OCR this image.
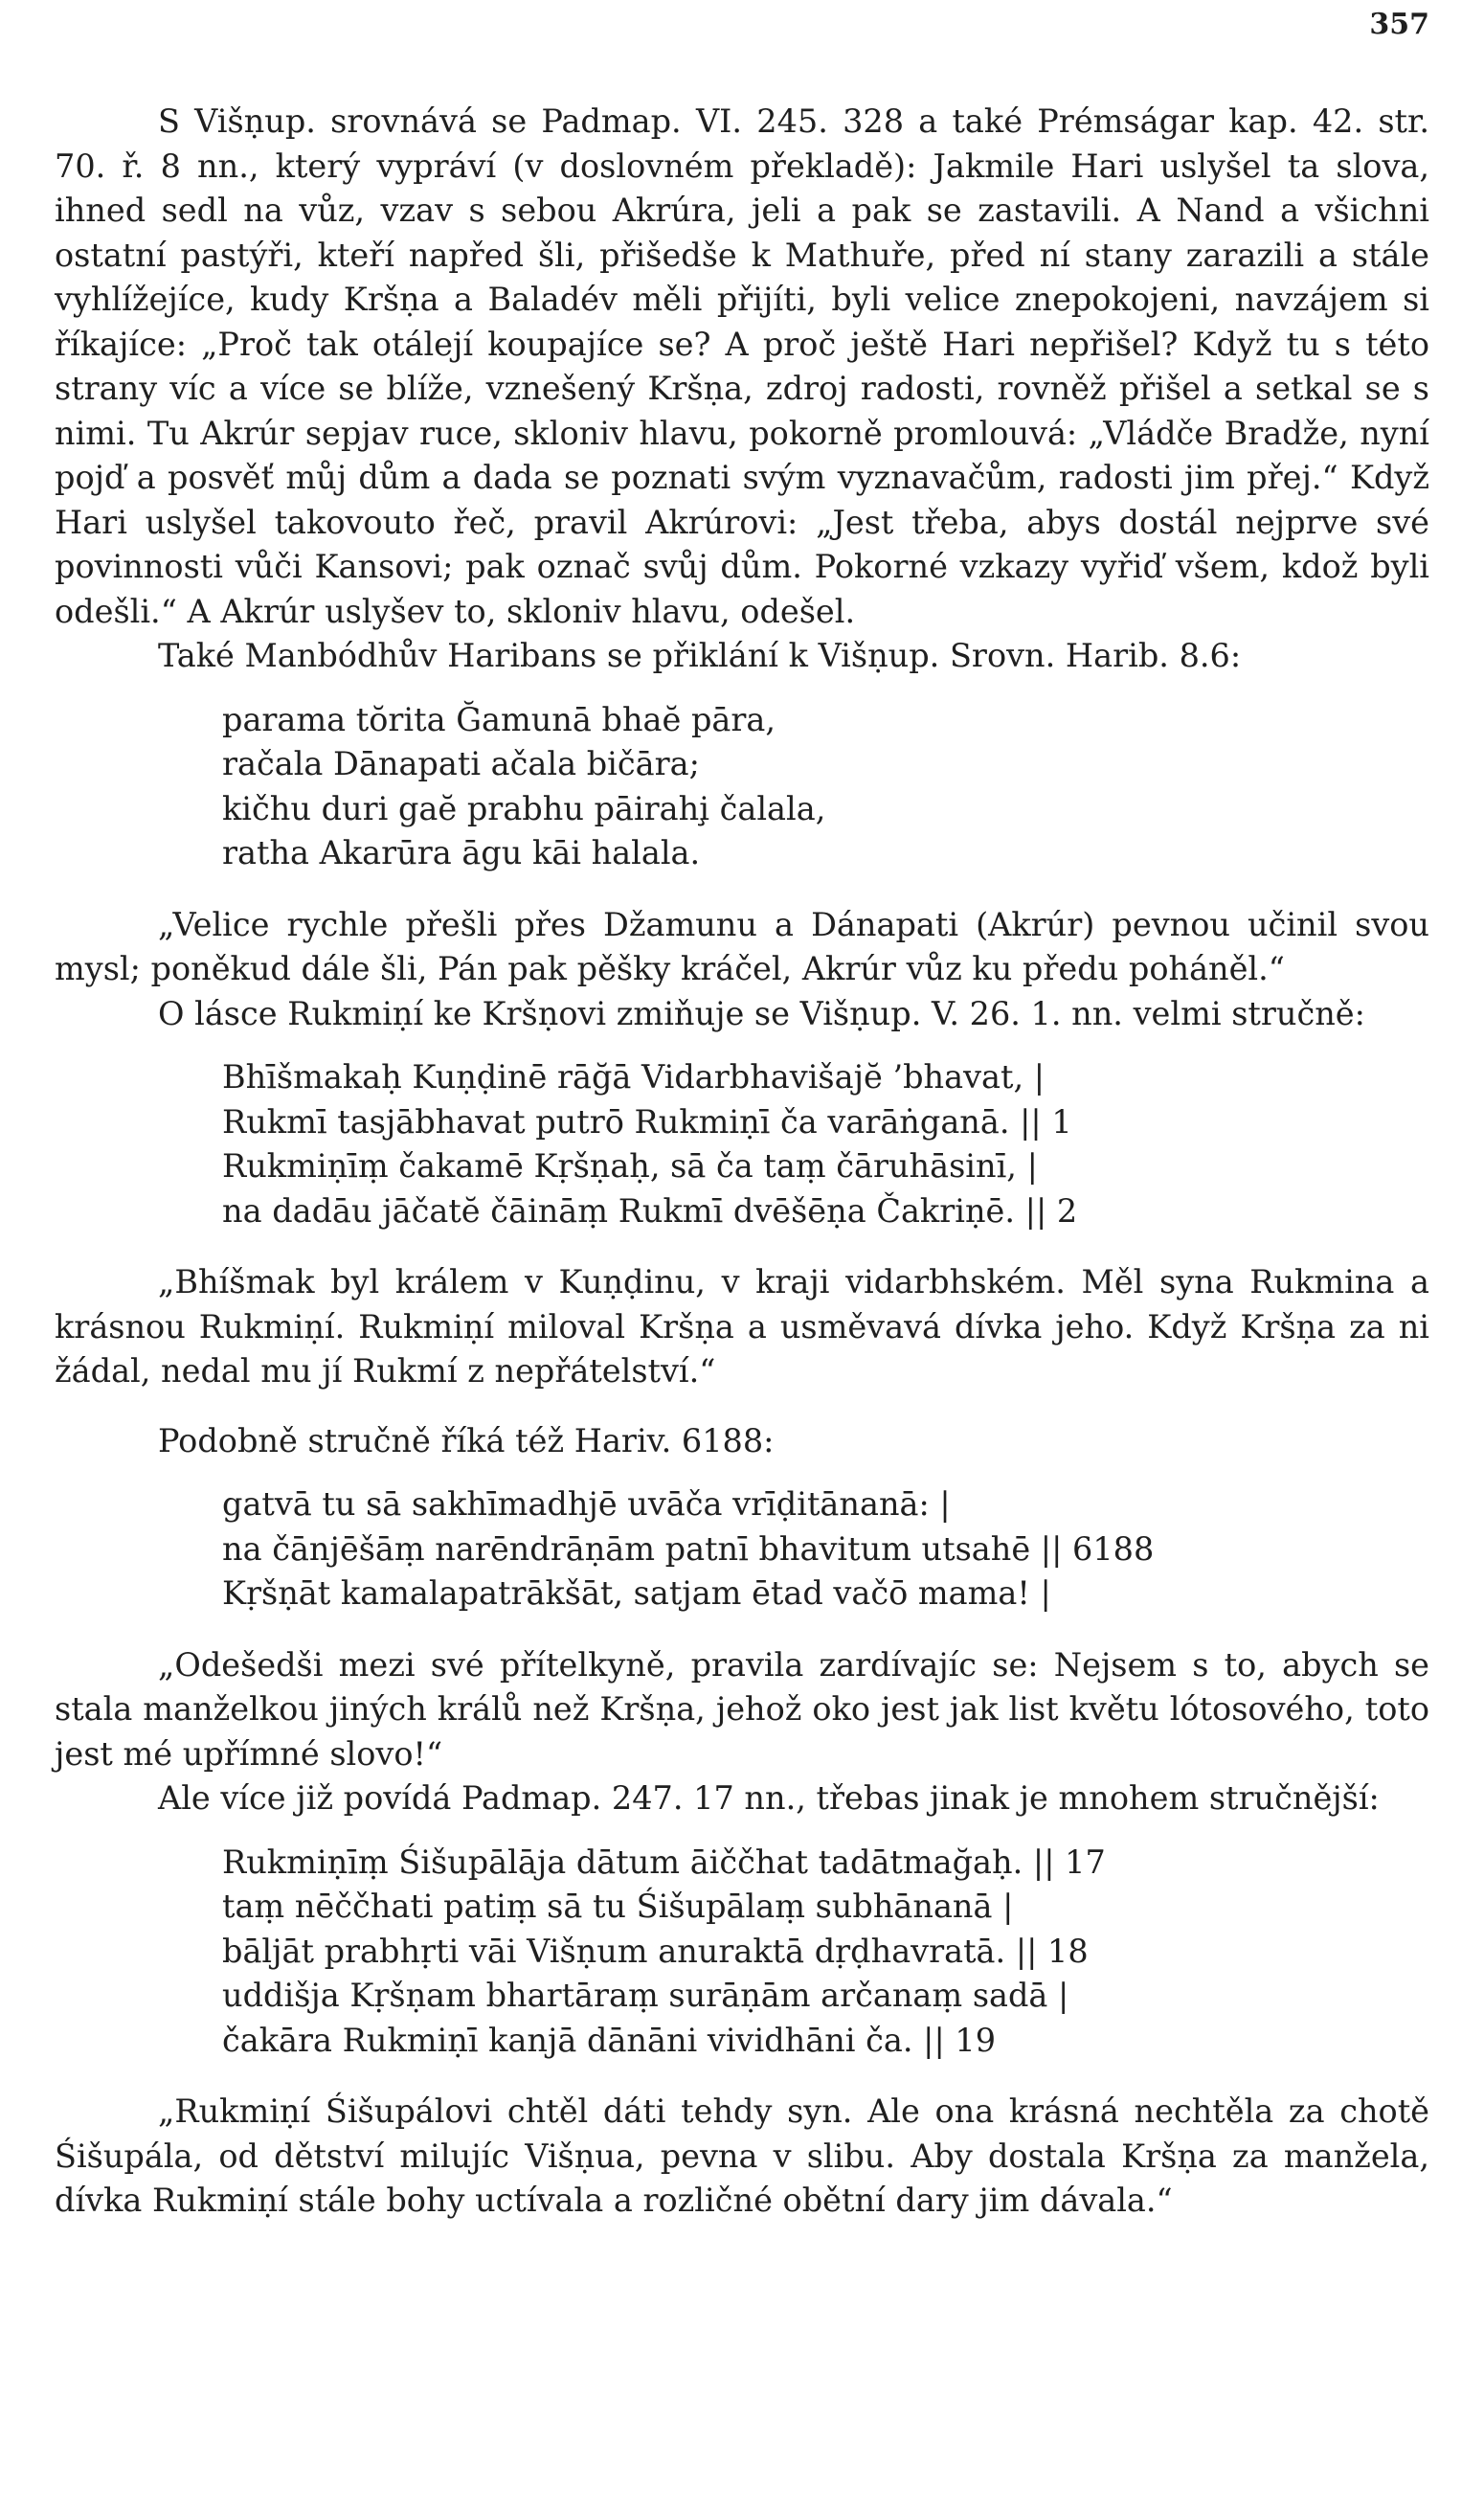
357

S Višṇup. srovnává se Padmap. VI. 245. 328 a také Prémságar kap. 42. str. 70. ř. 8 nn., který vypráví (v doslovném překladě): Jakmile Hari uslyšel ta slova, ihned sedl na vůz, vzav s sebou Akrúra, jeli a pak se zastavili. A Nand a všichni ostatní pastýři, kteří napřed šli, přišedše k Mathuře, před ní stany zarazili a stále vyhlížejíce, kudy Kršṇa a Baladév měli přijíti, byli velice znepokojeni, navzájem si říkajíce: „Proč tak otálejí koupajíce se? A proč ještě Hari nepřišel? Když tu s této strany víc a více se blíže, vznešený Kršṇa, zdroj radosti, rovněž přišel a setkal se s nimi. Tu Akrúr sepjav ruce, skloniv hlavu, pokorně promlouvá: „Vládče Bradže, nyní pojď a posvěť můj dům a dada se poznati svým vyznavačům, radosti jim přej.“ Když Hari uslyšel takovouto řeč, pravil Akrúrovi: „Jest třeba, abys dostál nejprve své povinnosti vůči Kansovi; pak označ svůj dům. Pokorné vzkazy vyřiď všem, kdož byli odešli.“ A Akrúr uslyšev to, skloniv hlavu, odešel.

Také Manbódhův Haribans se přiklání k Višṇup. Srovn. Harib. 8.6:

parama tŏrita Ğamunā bhaĕ pāra,
račala Dānapati ačala bičāra;
kičhu duri gaĕ prabhu pāirahi̧ čalala,
ratha Akarūra āgu kāi halala.

„Velice rychle přešli přes Džamunu a Dánapati (Akrúr) pevnou učinil svou mysl; poněkud dále šli, Pán pak pěšky kráčel, Akrúr vůz ku předu poháněl.“

O lásce Rukmiṇí ke Kršṇovi zmiňuje se Višṇup. V. 26. 1. nn. velmi stručně:

Bhīšmakaḥ Kuṇḍinē rāğā Vidarbhavišajĕ ’bhavat, |
Rukmī tasjābhavat putrō Rukmiṇī ča varāṅganā. || 1
Rukmiṇīṃ čakamē Kṛšṇaḥ, sā ča taṃ čāruhāsinī, |
na dadāu jāčatĕ čāināṃ Rukmī dvēšēṇa Čakriṇē. || 2

„Bhíšmak byl králem v Kuṇḍinu, v kraji vidarbhském. Měl syna Rukmina a krásnou Rukmiṇí. Rukmiṇí miloval Kršṇa a usměvavá dívka jeho. Když Kršṇa za ni žádal, nedal mu jí Rukmí z nepřátelství.“

Podobně stručně říká též Hariv. 6188:

gatvā tu sā sakhīmadhjē uvāča vrīḍitānanā: |
na čānjēšāṃ narēndrāṇām patnī bhavitum utsahē || 6188
Kṛšṇāt kamalapatrākšāt, satjam ētad vačō mama! |

„Odešedši mezi své přítelkyně, pravila zardívajíc se: Nejsem s to, abych se stala manželkou jiných králů než Kršṇa, jehož oko jest jak list květu lótosového, toto jest mé upřímné slovo!“

Ale více již povídá Padmap. 247. 17 nn., třebas jinak je mnohem stručnější:

Rukmiṇīṃ Śišupālāja dātum āiččhat tadātmağaḥ. || 17
taṃ nēččhati patiṃ sā tu Śišupālaṃ subhānanā |
bāljāt prabhṛti vāi Višṇum anuraktā dṛḍhavratā. || 18
uddišja Kṛšṇam bhartāraṃ surāṇām arčanaṃ sadā |
čakāra Rukmiṇī kanjā dānāni vividhāni ča. || 19

„Rukmiṇí Śišupálovi chtěl dáti tehdy syn. Ale ona krásná nechtěla za chotě Śišupála, od dětství milujíc Višṇua, pevna v slibu. Aby dostala Kršṇa za manžela, dívka Rukmiṇí stále bohy uctívala a rozličné obětní dary jim dávala.“
